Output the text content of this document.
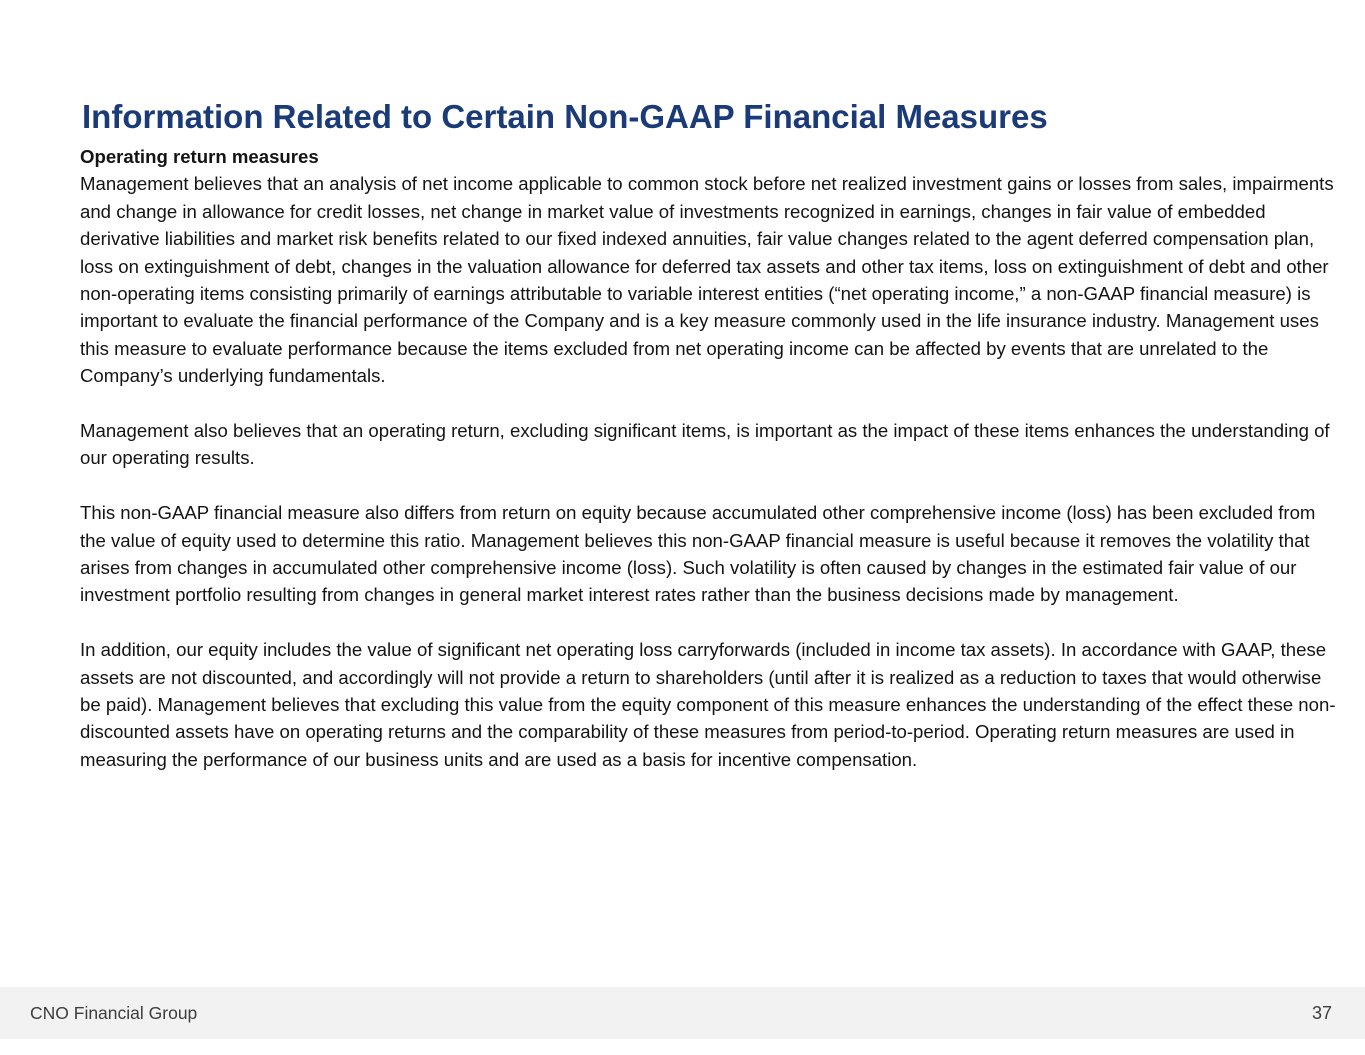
Information Related to Certain Non-GAAP Financial Measures
Operating return measures

Management believes that an analysis of net income applicable to common stock before net realized investment gains or losses from sales, impairments and change in allowance for credit losses, net change in market value of investments recognized in earnings, changes in fair value of embedded derivative liabilities and market risk benefits related to our fixed indexed annuities, fair value changes related to the agent deferred compensation plan, loss on extinguishment of debt, changes in the valuation allowance for deferred tax assets and other tax items, loss on extinguishment of debt and other non-operating items consisting primarily of earnings attributable to variable interest entities (“net operating income,” a non-GAAP financial measure) is important to evaluate the financial performance of the Company and is a key measure commonly used in the life insurance industry. Management uses this measure to evaluate performance because the items excluded from net operating income can be affected by events that are unrelated to the Company’s underlying fundamentals.

Management also believes that an operating return, excluding significant items, is important as the impact of these items enhances the understanding of our operating results.

This non-GAAP financial measure also differs from return on equity because accumulated other comprehensive income (loss) has been excluded from the value of equity used to determine this ratio. Management believes this non-GAAP financial measure is useful because it removes the volatility that arises from changes in accumulated other comprehensive income (loss). Such volatility is often caused by changes in the estimated fair value of our investment portfolio resulting from changes in general market interest rates rather than the business decisions made by management.

In addition, our equity includes the value of significant net operating loss carryforwards (included in income tax assets). In accordance with GAAP, these assets are not discounted, and accordingly will not provide a return to shareholders (until after it is realized as a reduction to taxes that would otherwise be paid). Management believes that excluding this value from the equity component of this measure enhances the understanding of the effect these non-discounted assets have on operating returns and the comparability of these measures from period-to-period. Operating return measures are used in measuring the performance of our business units and are used as a basis for incentive compensation.

CNO Financial Group	37
